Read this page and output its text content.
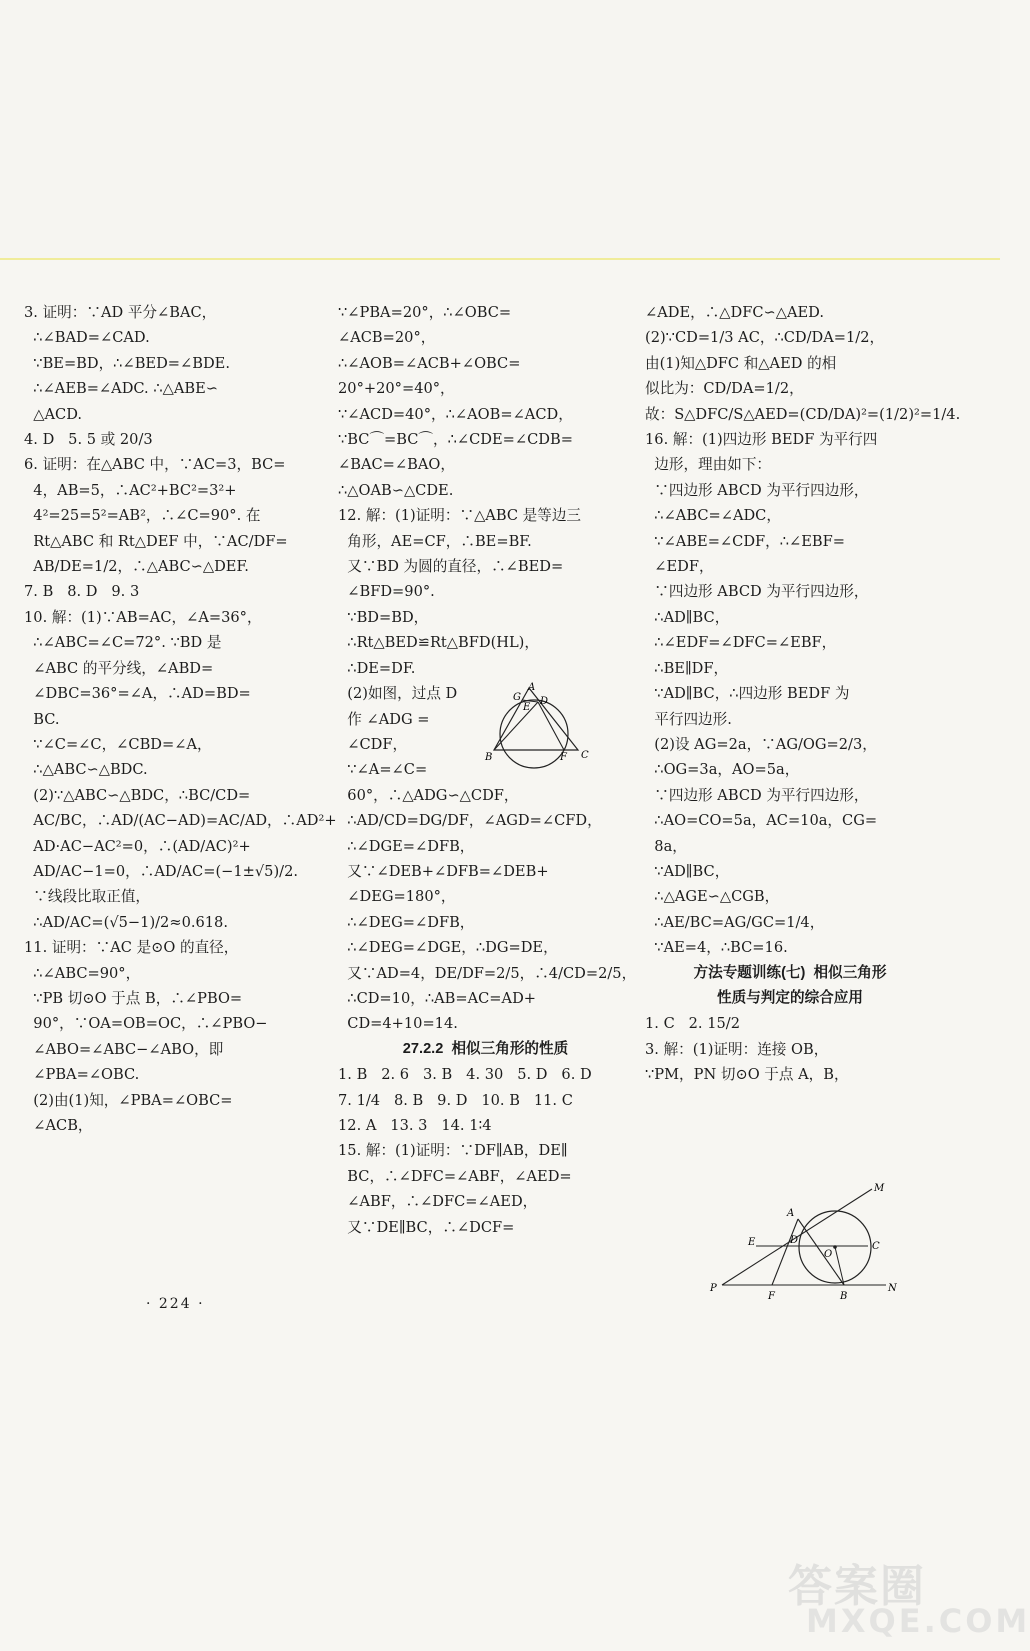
3. 证明：∵AD 平分∠BAC，
∴∠BAD=∠CAD.
∵BE=BD，∴∠BED=∠BDE.
∴∠AEB=∠ADC. ∴△ABE∽
△ACD.
4. D   5. 5 或 20/3
6. 证明：在△ABC 中，∵AC=3，BC=
4，AB=5，∴AC²+BC²=3²+
4²=25=5²=AB²，∴∠C=90°. 在
Rt△ABC 和 Rt△DEF 中，∵AC/DF=
AB/DE=1/2，∴△ABC∽△DEF.
7. B   8. D   9. 3
10. 解：(1)∵AB=AC，∠A=36°，
∴∠ABC=∠C=72°. ∵BD 是
∠ABC 的平分线，∠ABD=
∠DBC=36°=∠A，∴AD=BD=
BC.
∵∠C=∠C，∠CBD=∠A，
∴△ABC∽△BDC.
(2)∵△ABC∽△BDC，∴BC/CD=
AC/BC，∴AD/(AC−AD)=AC/AD，∴AD²+
AD·AC−AC²=0，∴(AD/AC)²+
AD/AC−1=0，∴AD/AC=(−1±√5)/2.
∵线段比取正值，
∴AD/AC=(√5−1)/2≈0.618.
11. 证明：∵AC 是⊙O 的直径，
∴∠ABC=90°，
∵PB 切⊙O 于点 B，∴∠PBO=
90°，∵OA=OB=OC，∴∠PBO−
∠ABO=∠ABC−∠ABO，即
∠PBA=∠OBC.
(2)由(1)知，∠PBA=∠OBC=
∠ACB，
∵∠PBA=20°，∴∠OBC=
∠ACB=20°，
∴∠AOB=∠ACB+∠OBC=
20°+20°=40°，
∵∠ACD=40°，∴∠AOB=∠ACD，
∵BC⌒=BC⌒，∴∠CDE=∠CDB=
∠BAC=∠BAO，
∴△OAB∽△CDE.
12. 解：(1)证明：∵△ABC 是等边三
角形，AE=CF，∴BE=BF.
又∵BD 为圆的直径，∴∠BED=
∠BFD=90°.
∵BD=BD，
∴Rt△BED≌Rt△BFD(HL)，
∴DE=DF.
(2)如图，过点 D
作 ∠ADG =
∠CDF，
∵∠A=∠C=
60°，∴△ADG∽△CDF，
∴AD/CD=DG/DF，∠AGD=∠CFD，
∴∠DGE=∠DFB，
又∵∠DEB+∠DFB=∠DEB+
∠DEG=180°，
∴∠DEG=∠DFB，
∴∠DEG=∠DGE，∴DG=DE，
又∵AD=4，DE/DF=2/5，∴4/CD=2/5，
∴CD=10，∴AB=AC=AD+
CD=4+10=14.
27.2.2  相似三角形的性质
1. B   2. 6   3. B   4. 30   5. D   6. D
7. 1/4   8. B   9. D   10. B   11. C
12. A   13. 3   14. 1∶4
15. 解：(1)证明：∵DF∥AB，DE∥
BC，∴∠DFC=∠ABF，∠AED=
∠ABF，∴∠DFC=∠AED，
又∵DE∥BC，∴∠DCF=
∠ADE，∴△DFC∽△AED.
(2)∵CD=1/3 AC，∴CD/DA=1/2，
由(1)知△DFC 和△AED 的相
似比为：CD/DA=1/2，
故：S△DFC/S△AED=(CD/DA)²=(1/2)²=1/4.
16. 解：(1)四边形 BEDF 为平行四
边形，理由如下：
∵四边形 ABCD 为平行四边形，
∴∠ABC=∠ADC，
∵∠ABE=∠CDF，∴∠EBF=
∠EDF，
∵四边形 ABCD 为平行四边形，
∴AD∥BC，
∴∠EDF=∠DFC=∠EBF，
∴BE∥DF，
∵AD∥BC，∴四边形 BEDF 为
平行四边形.
(2)设 AG=2a，∵AG/OG=2/3，
∴OG=3a，AO=5a，
∵四边形 ABCD 为平行四边形，
∴AO=CO=5a，AC=10a，CG=
8a，
∵AD∥BC，
∴△AGE∽△CGB，
∴AE/BC=AG/GC=1/4，
∵AE=4，∴BC=16.
方法专题训练(七)  相似三角形
性质与判定的综合应用
1. C   2. 15/2
3. 解：(1)证明：连接 OB，
∵PM，PN 切⊙O 于点 A，B，
A
G
E
D
B	F C
M
A
E	D
O
C
P
F	B
N
· 224 ·
答案圈
MXQE.COM
